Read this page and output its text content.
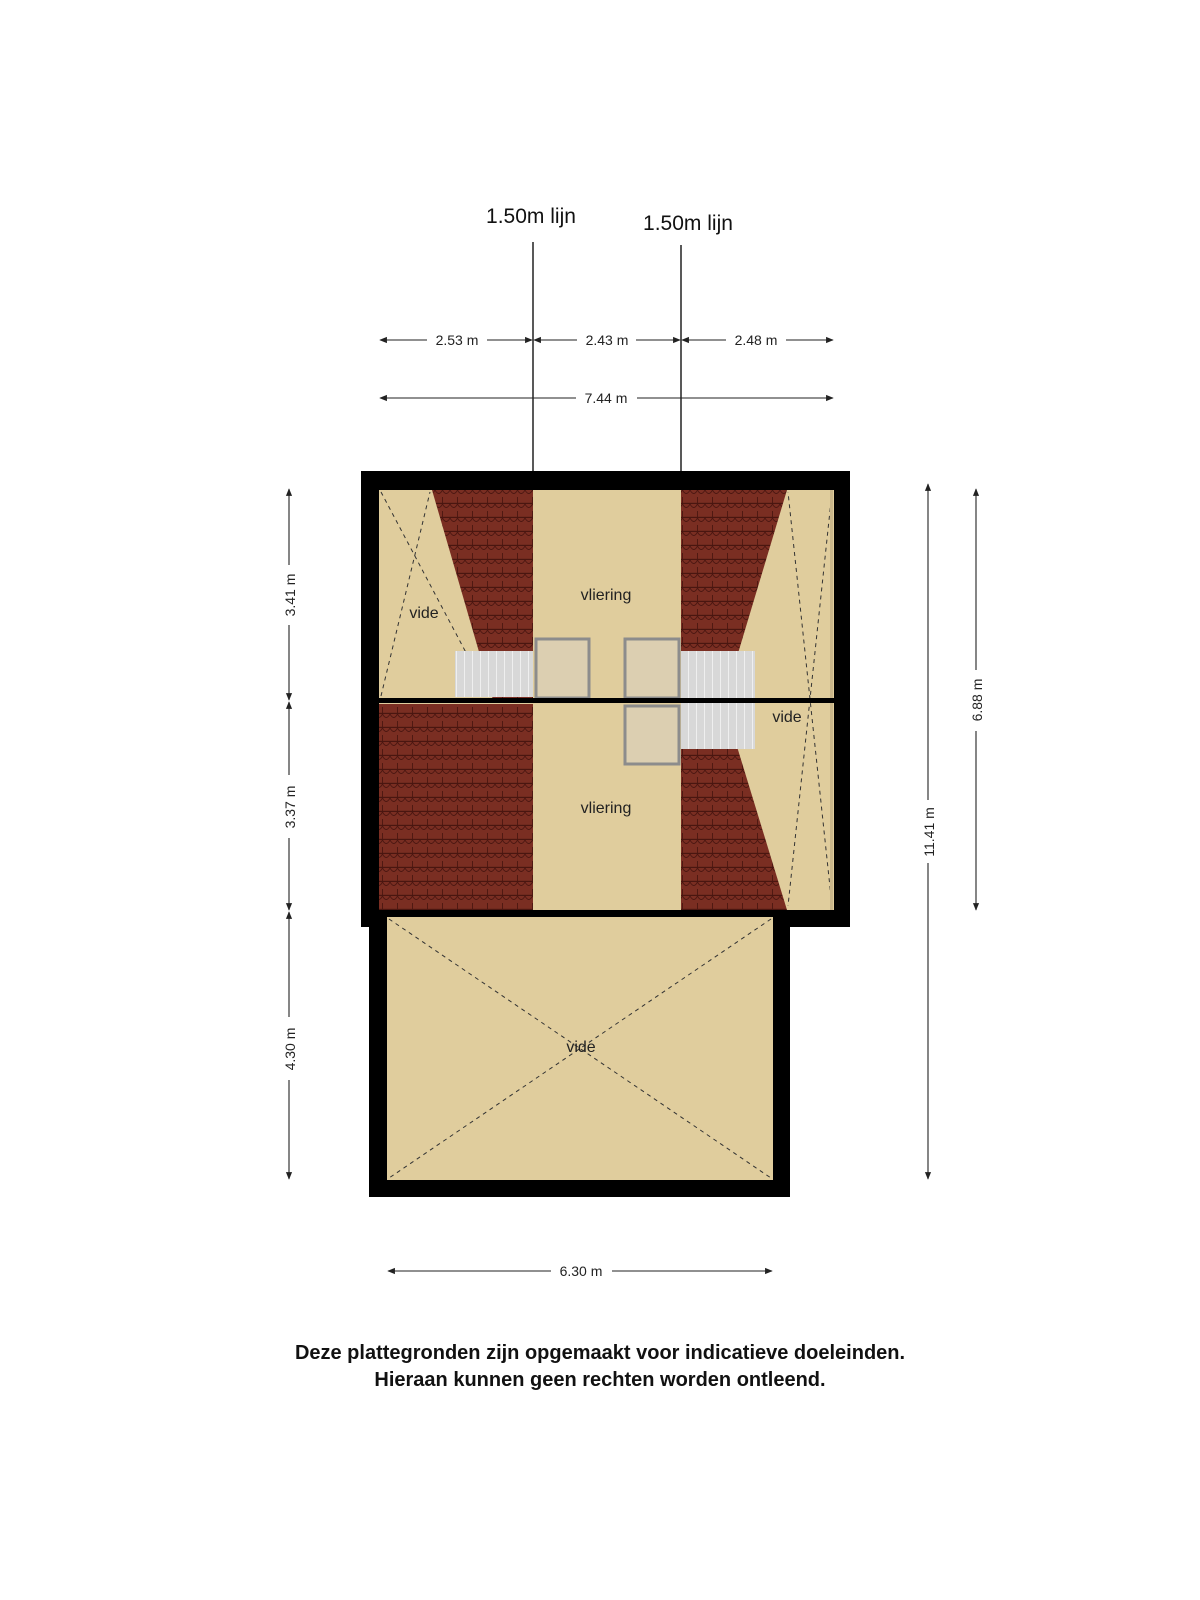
1.50m lijn	1.50m lijn
2.53 m	2.43 m	2.48 m
7.44 m
vliering
vliering
vide
vide
vide
3.41 m
3.37 m
4.30 m
11.41 m
6.88 m
6.30 m
Deze plattegronden zijn opgemaakt voor indicatieve doeleinden.
Hieraan kunnen geen rechten worden ontleend.
